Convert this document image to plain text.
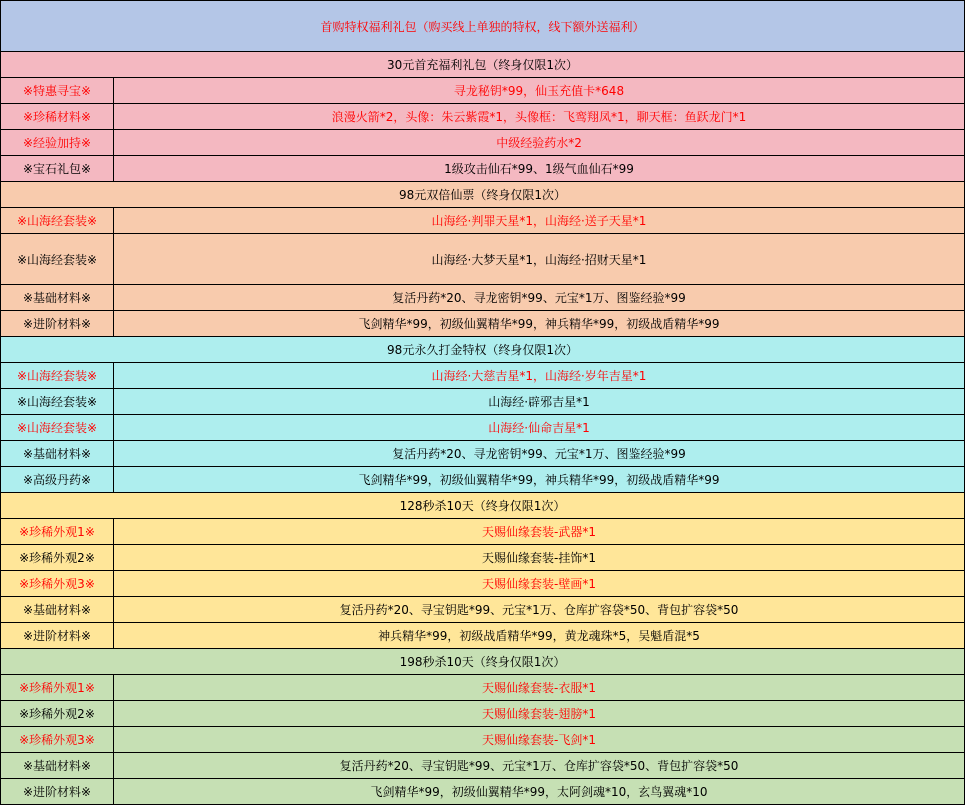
首购特权福利礼包（购买线上单独的特权，线下额外送福利）	
30元首充福利礼包（终身仅限1次）	
※特惠寻宝※	寻龙秘钥*99，仙玉充值卡*648
※珍稀材料※	浪漫火箭*2，头像：朱云紫霞*1，头像框：飞鸾翔凤*1，聊天框：鱼跃龙门*1
※经验加持※	中级经验药水*2
※宝石礼包※	1级攻击仙石*99、1级气血仙石*99
98元双倍仙票（终身仅限1次）	
※山海经套装※	山海经·判罪天星*1，山海经·送子天星*1
※山海经套装※	山海经·大梦天星*1，山海经·招财天星*1
※基础材料※	复活丹药*20、寻龙密钥*99、元宝*1万、图鉴经验*99
※进阶材料※	飞剑精华*99，初级仙翼精华*99，神兵精华*99，初级战盾精华*99
98元永久打金特权（终身仅限1次）	
※山海经套装※	山海经·大慈吉星*1，山海经·岁年吉星*1
※山海经套装※	山海经·辟邪吉星*1
※山海经套装※	山海经·仙命吉星*1
※基础材料※	复活丹药*20、寻龙密钥*99、元宝*1万、图鉴经验*99
※高级丹药※	飞剑精华*99，初级仙翼精华*99，神兵精华*99，初级战盾精华*99
128秒杀10天（终身仅限1次）	
※珍稀外观1※	天赐仙缘套装-武器*1
※珍稀外观2※	天赐仙缘套装-挂饰*1
※珍稀外观3※	天赐仙缘套装-壁画*1
※基础材料※	复活丹药*20、寻宝钥匙*99、元宝*1万、仓库扩容袋*50、背包扩容袋*50
※进阶材料※	神兵精华*99，初级战盾精华*99，黄龙魂珠*5，吴魁盾混*5
198秒杀10天（终身仅限1次）	
※珍稀外观1※	天赐仙缘套装-衣服*1
※珍稀外观2※	天赐仙缘套装-翅膀*1
※珍稀外观3※	天赐仙缘套装-飞剑*1
※基础材料※	复活丹药*20、寻宝钥匙*99、元宝*1万、仓库扩容袋*50、背包扩容袋*50
※进阶材料※	飞剑精华*99，初级仙翼精华*99，太阿剑魂*10，玄鸟翼魂*10
